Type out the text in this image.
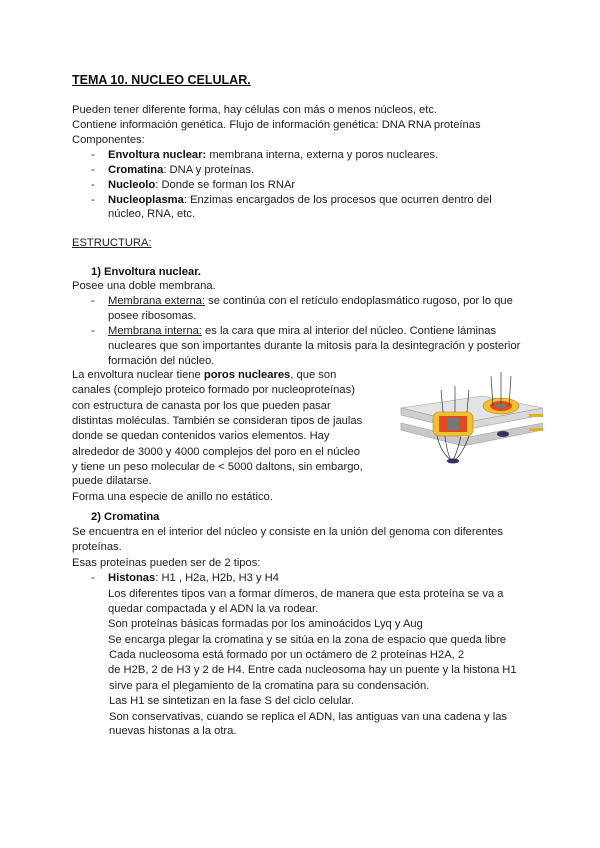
TEMA 10. NUCLEO CELULAR.
Pueden tener diferente forma, hay células con más o menos núcleos, etc.
Contiene información genética. Flujo de información genética: DNA RNA proteínas
Componentes:
- Envoltura nuclear: membrana interna, externa y poros nucleares.
- Cromatina: DNA y proteínas.
- Nucleolo: Donde se forman los RNAr
- Nucleoplasma: Enzimas encargados de los procesos que ocurren dentro del
núcleo, RNA, etc.
ESTRUCTURA:
1) Envoltura nuclear.
Posee una doble membrana.
- Membrana externa: se continúa con el retículo endoplasmático rugoso, por lo que
posee ribosomas.
- Membrana interna: es la cara que mira al interior del núcleo. Contiene láminas
nucleares que son importantes durante la mitosis para la desintegración y posterior
formación del núcleo.
La envoltura nuclear tiene poros nucleares, que son
canales (complejo proteico formado por nucleoproteínas)
con estructura de canasta por los que pueden pasar
distintas moléculas. También se consideran tipos de jaulas
donde se quedan contenidos varios elementos. Hay
alrededor de 3000 y 4000 complejos del poro en el núcleo
y tiene un peso molecular de < 5000 daltons, sin embargo,
puede dilatarse.
Forma una especie de anillo no estático.
2) Cromatina
Se encuentra en el interior del núcleo y consiste en la unión del genoma con diferentes
proteínas.
Esas proteínas pueden ser de 2 tipos:
- Histonas: H1 , H2a, H2b, H3 y H4
Los diferentes tipos van a formar dímeros, de manera que esta proteína se va a
quedar compactada y el ADN la va rodear.
Son proteínas básicas formadas por los aminoácidos Lyq y Aug
Se encarga plegar la cromatina y se sitúa en la zona de espacio que queda libre
Cada nucleosoma está formado por un octámero de 2 proteínas H2A, 2
de H2B, 2 de H3 y 2 de H4. Entre cada nucleosoma hay un puente y la histona H1
sirve para el plegamiento de la cromatina para su condensación.
Las H1 se sintetizan en la fase S del ciclo celular.
Son conservativas, cuando se replica el ADN, las antiguas van una cadena y las
nuevas histonas a la otra.
